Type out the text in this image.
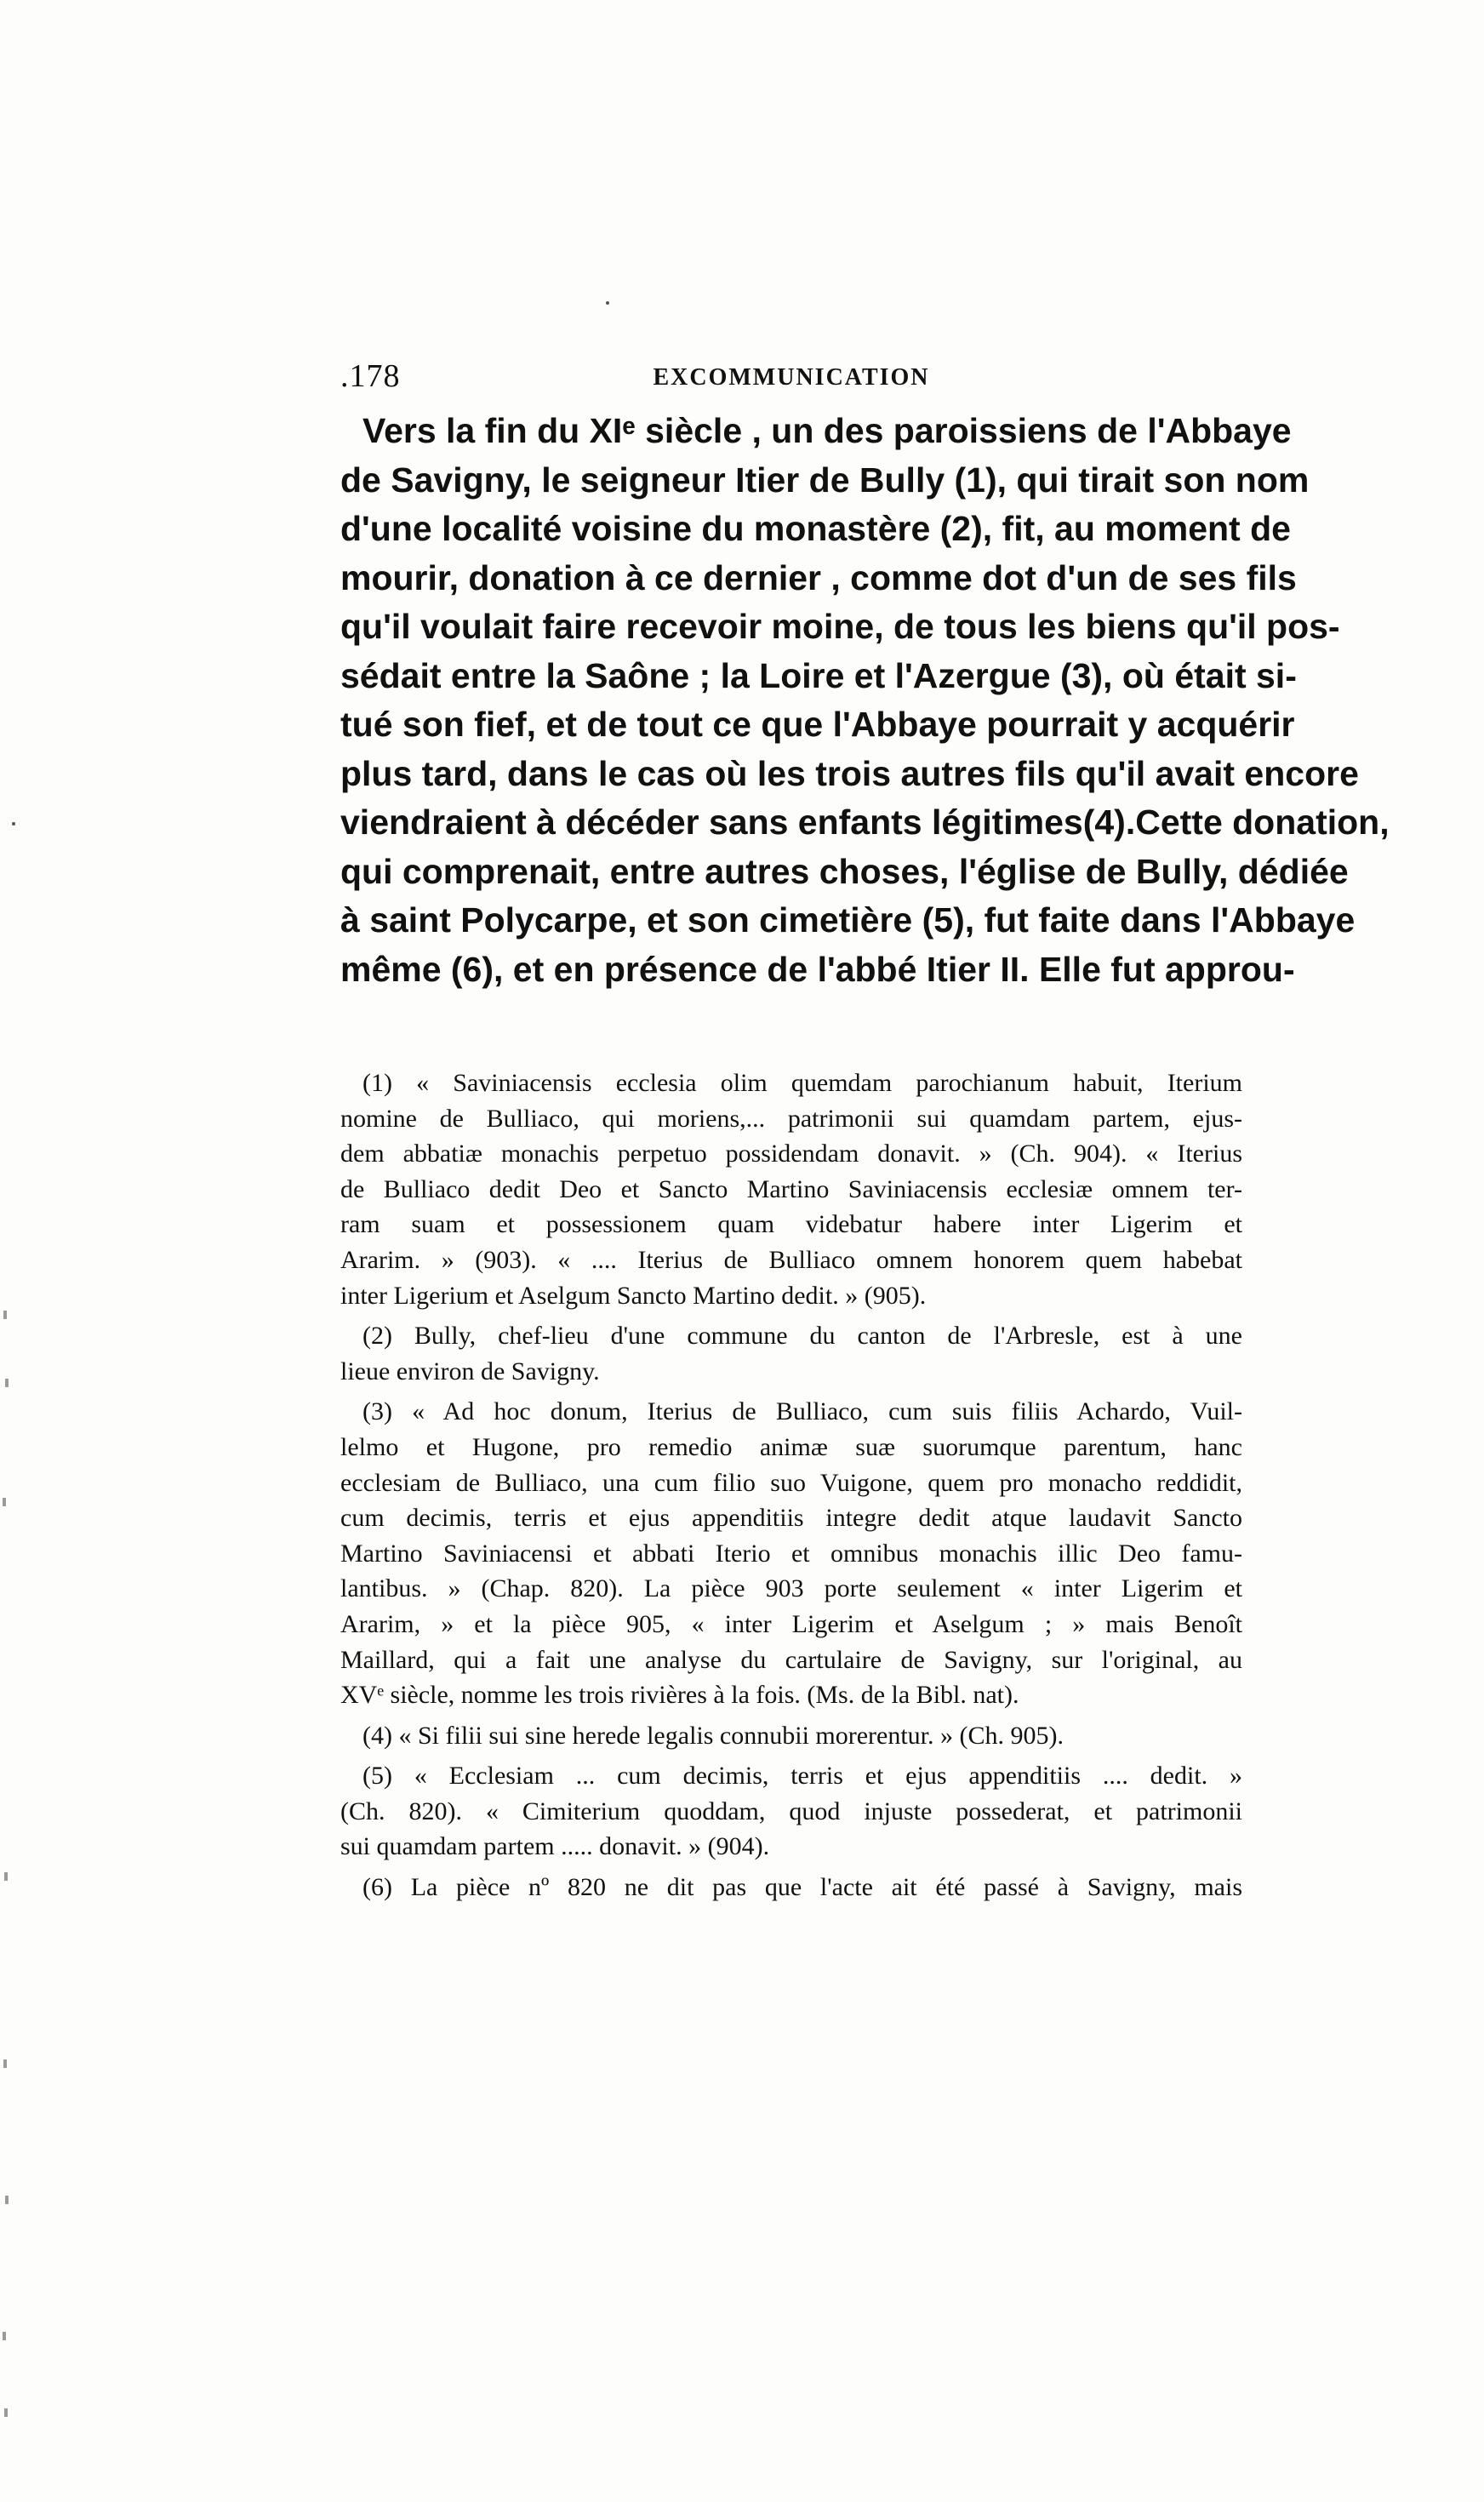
.178	EXCOMMUNICATION
Vers la fin du XIᵉ siècle , un des paroissiens de l'Abbaye
de Savigny, le seigneur Itier de Bully (1), qui tirait son nom
d'une localité voisine du monastère (2), fit, au moment de
mourir, donation à ce dernier , comme dot d'un de ses fils
qu'il voulait faire recevoir moine, de tous les biens qu'il pos-
sédait entre la Saône ; la Loire et l'Azergue (3), où était si-
tué son fief, et de tout ce que l'Abbaye pourrait y acquérir
plus tard, dans le cas où les trois autres fils qu'il avait encore
viendraient à décéder sans enfants légitimes(4).Cette donation,
qui comprenait, entre autres choses, l'église de Bully, dédiée
à saint Polycarpe, et son cimetière (5), fut faite dans l'Abbaye
même (6), et en présence de l'abbé Itier II. Elle fut approu-
(1) « Saviniacensis ecclesia olim quemdam parochianum habuit, Iterium
nomine de Bulliaco, qui moriens,... patrimonii sui quamdam partem, ejus-
dem abbatiæ monachis perpetuo possidendam donavit. » (Ch. 904). « Iterius
de Bulliaco dedit Deo et Sancto Martino Saviniacensis ecclesiæ omnem ter-
ram suam et possessionem quam videbatur habere inter Ligerim et
Ararim. » (903). « .... Iterius de Bulliaco omnem honorem quem habebat
inter Ligerium et Aselgum Sancto Martino dedit. » (905).
(2) Bully, chef-lieu d'une commune du canton de l'Arbresle, est à une
lieue environ de Savigny.
(3) « Ad hoc donum, Iterius de Bulliaco, cum suis filiis Achardo, Vuil-
lelmo et Hugone, pro remedio animæ suæ suorumque parentum, hanc
ecclesiam de Bulliaco, una cum filio suo Vuigone, quem pro monacho reddidit,
cum decimis, terris et ejus appenditiis integre dedit atque laudavit Sancto
Martino Saviniacensi et abbati Iterio et omnibus monachis illic Deo famu-
lantibus. » (Chap. 820). La pièce 903 porte seulement « inter Ligerim et
Ararim, » et la pièce 905, « inter Ligerim et Aselgum ; » mais Benoît
Maillard, qui a fait une analyse du cartulaire de Savigny, sur l'original, au
XVᵉ siècle, nomme les trois rivières à la fois. (Ms. de la Bibl. nat).
(4) « Si filii sui sine herede legalis connubii morerentur. » (Ch. 905).
(5) « Ecclesiam ... cum decimis, terris et ejus appenditiis .... dedit. »
(Ch. 820). « Cimiterium quoddam, quod injuste possederat, et patrimonii
sui quamdam partem ..... donavit. » (904).
(6) La pièce nº 820 ne dit pas que l'acte ait été passé à Savigny, mais
